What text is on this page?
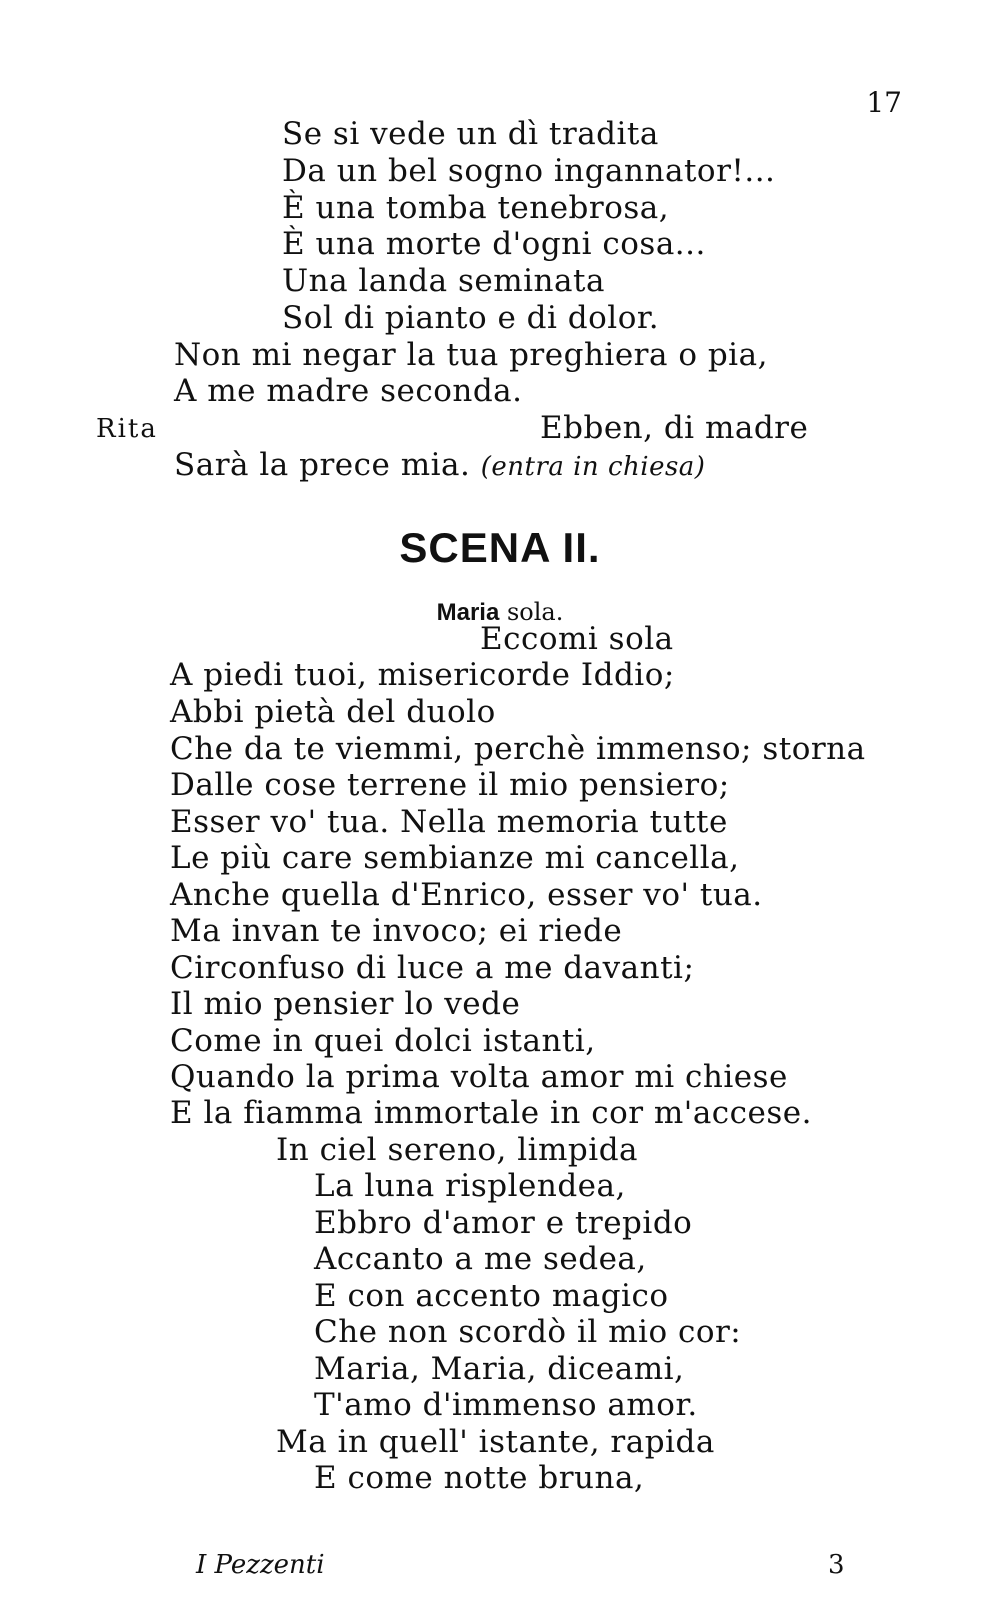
17
Se si vede un dì tradita
Da un bel sogno ingannator!...
È una tomba tenebrosa,
È una morte d'ogni cosa...
Una landa seminata
Sol di pianto e di dolor.
Non mi negar la tua preghiera o pia,
A me madre seconda.
Rita	Ebben, di madre
Sarà la prece mia. (entra in chiesa)
SCENA II.
Maria sola.
Eccomi sola
A piedi tuoi, misericorde Iddio;
Abbi pietà del duolo
Che da te viemmi, perchè immenso; storna
Dalle cose terrene il mio pensiero;
Esser vo' tua. Nella memoria tutte
Le più care sembianze mi cancella,
Anche quella d'Enrico, esser vo' tua.
Ma invan te invoco; ei riede
Circonfuso di luce a me davanti;
Il mio pensier lo vede
Come in quei dolci istanti,
Quando la prima volta amor mi chiese
E la fiamma immortale in cor m'accese.
In ciel sereno, limpida
La luna risplendea,
Ebbro d'amor e trepido
Accanto a me sedea,
E con accento magico
Che non scordò il mio cor:
Maria, Maria, diceami,
T'amo d'immenso amor.
Ma in quell' istante, rapida
E come notte bruna,
I Pezzenti	3
